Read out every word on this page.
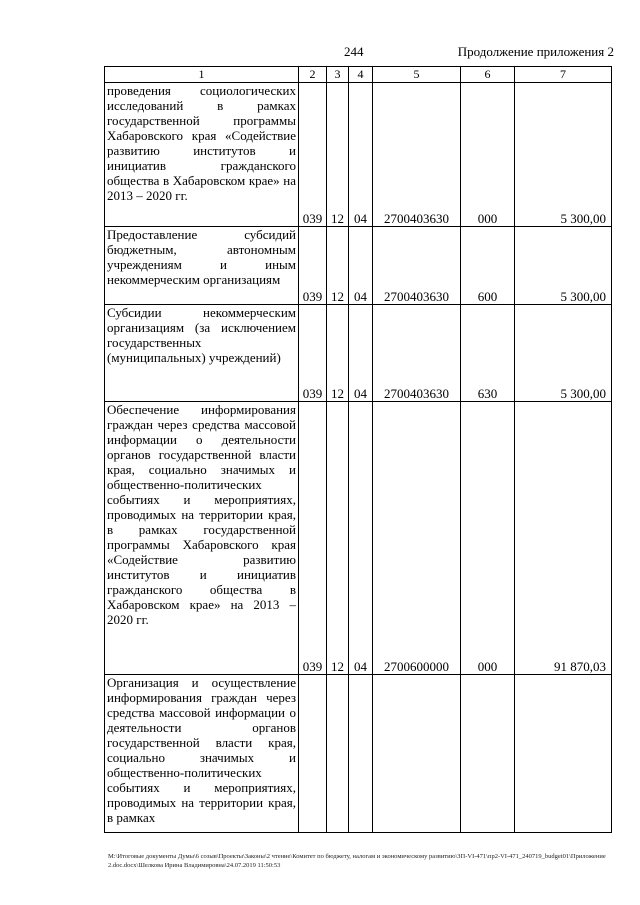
244	Продолжение приложения 2
1	2	3	4	5	6	7
проведения социологических исследований в рамках государственной программы Хабаровского края «Содействие развитию институтов и инициатив гражданского общества в Хабаровском крае» на 2013 – 2020 гг.	039	12	04	2700403630	000	5 300,00
Предоставление субсидий бюджетным, автономным учреждениям и иным некоммерческим организациям	039	12	04	2700403630	600	5 300,00
Субсидии некоммерческим организациям (за исключением государственных (муниципальных) учреждений)	039	12	04	2700403630	630	5 300,00
Обеспечение информирования граждан через средства массовой информации о деятельности органов государственной власти края, социально значимых и общественно-политических событиях и мероприятиях, проводимых на территории края, в рамках государственной программы Хабаровского края «Содействие развитию институтов и инициатив гражданского общества в Хабаровском крае» на 2013 – 2020 гг.	039	12	04	2700600000	000	91 870,03
Организация и осуществление информирования граждан через средства массовой информации о деятельности органов государственной власти края, социально значимых и общественно-политических событиях и мероприятиях, проводимых на территории края, в рамках						
М:\Итоговые документы Думы\6 созыв\Проекты\Законы\2 чтение\Комитет по бюджету, налогам и экономическому развитию\ЗП-VI-471\пр2-VI-471_240719_budget01\Приложение 2.doc.docx\Шелкова Ирина Владимировна\24.07.2019 11:50:53
